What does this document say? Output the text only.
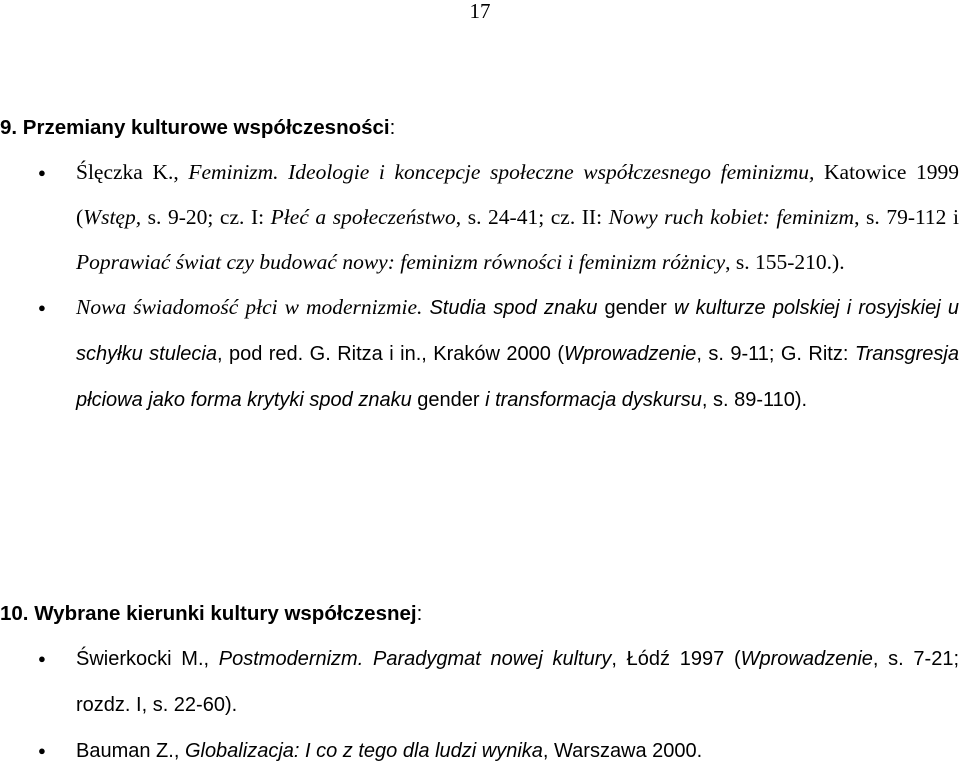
17
9. Przemiany kulturowe współczesności:
● Ślęczka K., Feminizm. Ideologie i koncepcje społeczne współczesnego feminizmu, Katowice 1999 (Wstęp, s. 9-20; cz. I: Płeć a społeczeństwo, s. 24-41; cz. II: Nowy ruch kobiet: feminizm, s. 79-112 i Poprawiać świat czy budować nowy: feminizm równości i feminizm różnicy, s. 155-210.).
● Nowa świadomość płci w modernizmie. Studia spod znaku gender w kulturze polskiej i rosyjskiej u schyłku stulecia, pod red. G. Ritza i in., Kraków 2000 (Wprowadzenie, s. 9-11; G. Ritz: Transgresja płciowa jako forma krytyki spod znaku gender i transformacja dyskursu, s. 89-110).
10. Wybrane kierunki kultury współczesnej:
● Świerkocki M., Postmodernizm. Paradygmat nowej kultury, Łódź 1997 (Wprowadzenie, s. 7-21; rozdz. I, s. 22-60).
● Bauman Z., Globalizacja: I co z tego dla ludzi wynika, Warszawa 2000.
